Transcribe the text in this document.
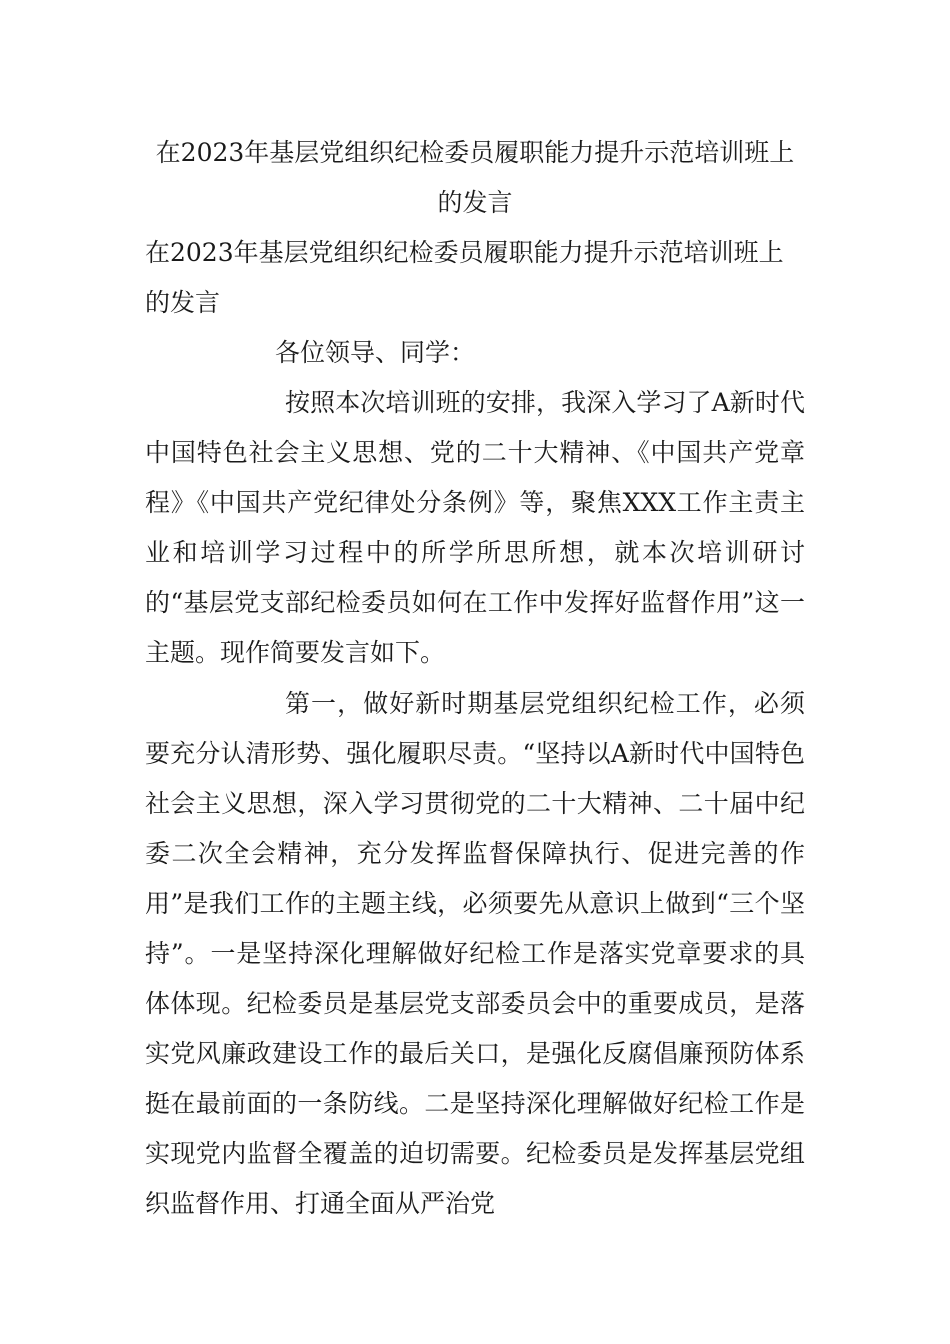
在2023年基层党组织纪检委员履职能力提升示范培训班上的发言

在2023年基层党组织纪检委员履职能力提升示范培训班上的发言

各位领导、同学：

按照本次培训班的安排，我深入学习了A新时代中国特色社会主义思想、党的二十大精神、《中国共产党章程》《中国共产党纪律处分条例》等，聚焦XXX工作主责主业和培训学习过程中的所学所思所想，就本次培训研讨的“基层党支部纪检委员如何在工作中发挥好监督作用”这一主题。现作简要发言如下。

第一，做好新时期基层党组织纪检工作，必须要充分认清形势、强化履职尽责。“坚持以A新时代中国特色社会主义思想，深入学习贯彻党的二十大精神、二十届中纪委二次全会精神，充分发挥监督保障执行、促进完善的作用”是我们工作的主题主线，必须要先从意识上做到“三个坚持”。一是坚持深化理解做好纪检工作是落实党章要求的具体体现。纪检委员是基层党支部委员会中的重要成员，是落实党风廉政建设工作的最后关口，是强化反腐倡廉预防体系挺在最前面的一条防线。二是坚持深化理解做好纪检工作是实现党内监督全覆盖的迫切需要。纪检委员是发挥基层党组织监督作用、打通全面从严治党
